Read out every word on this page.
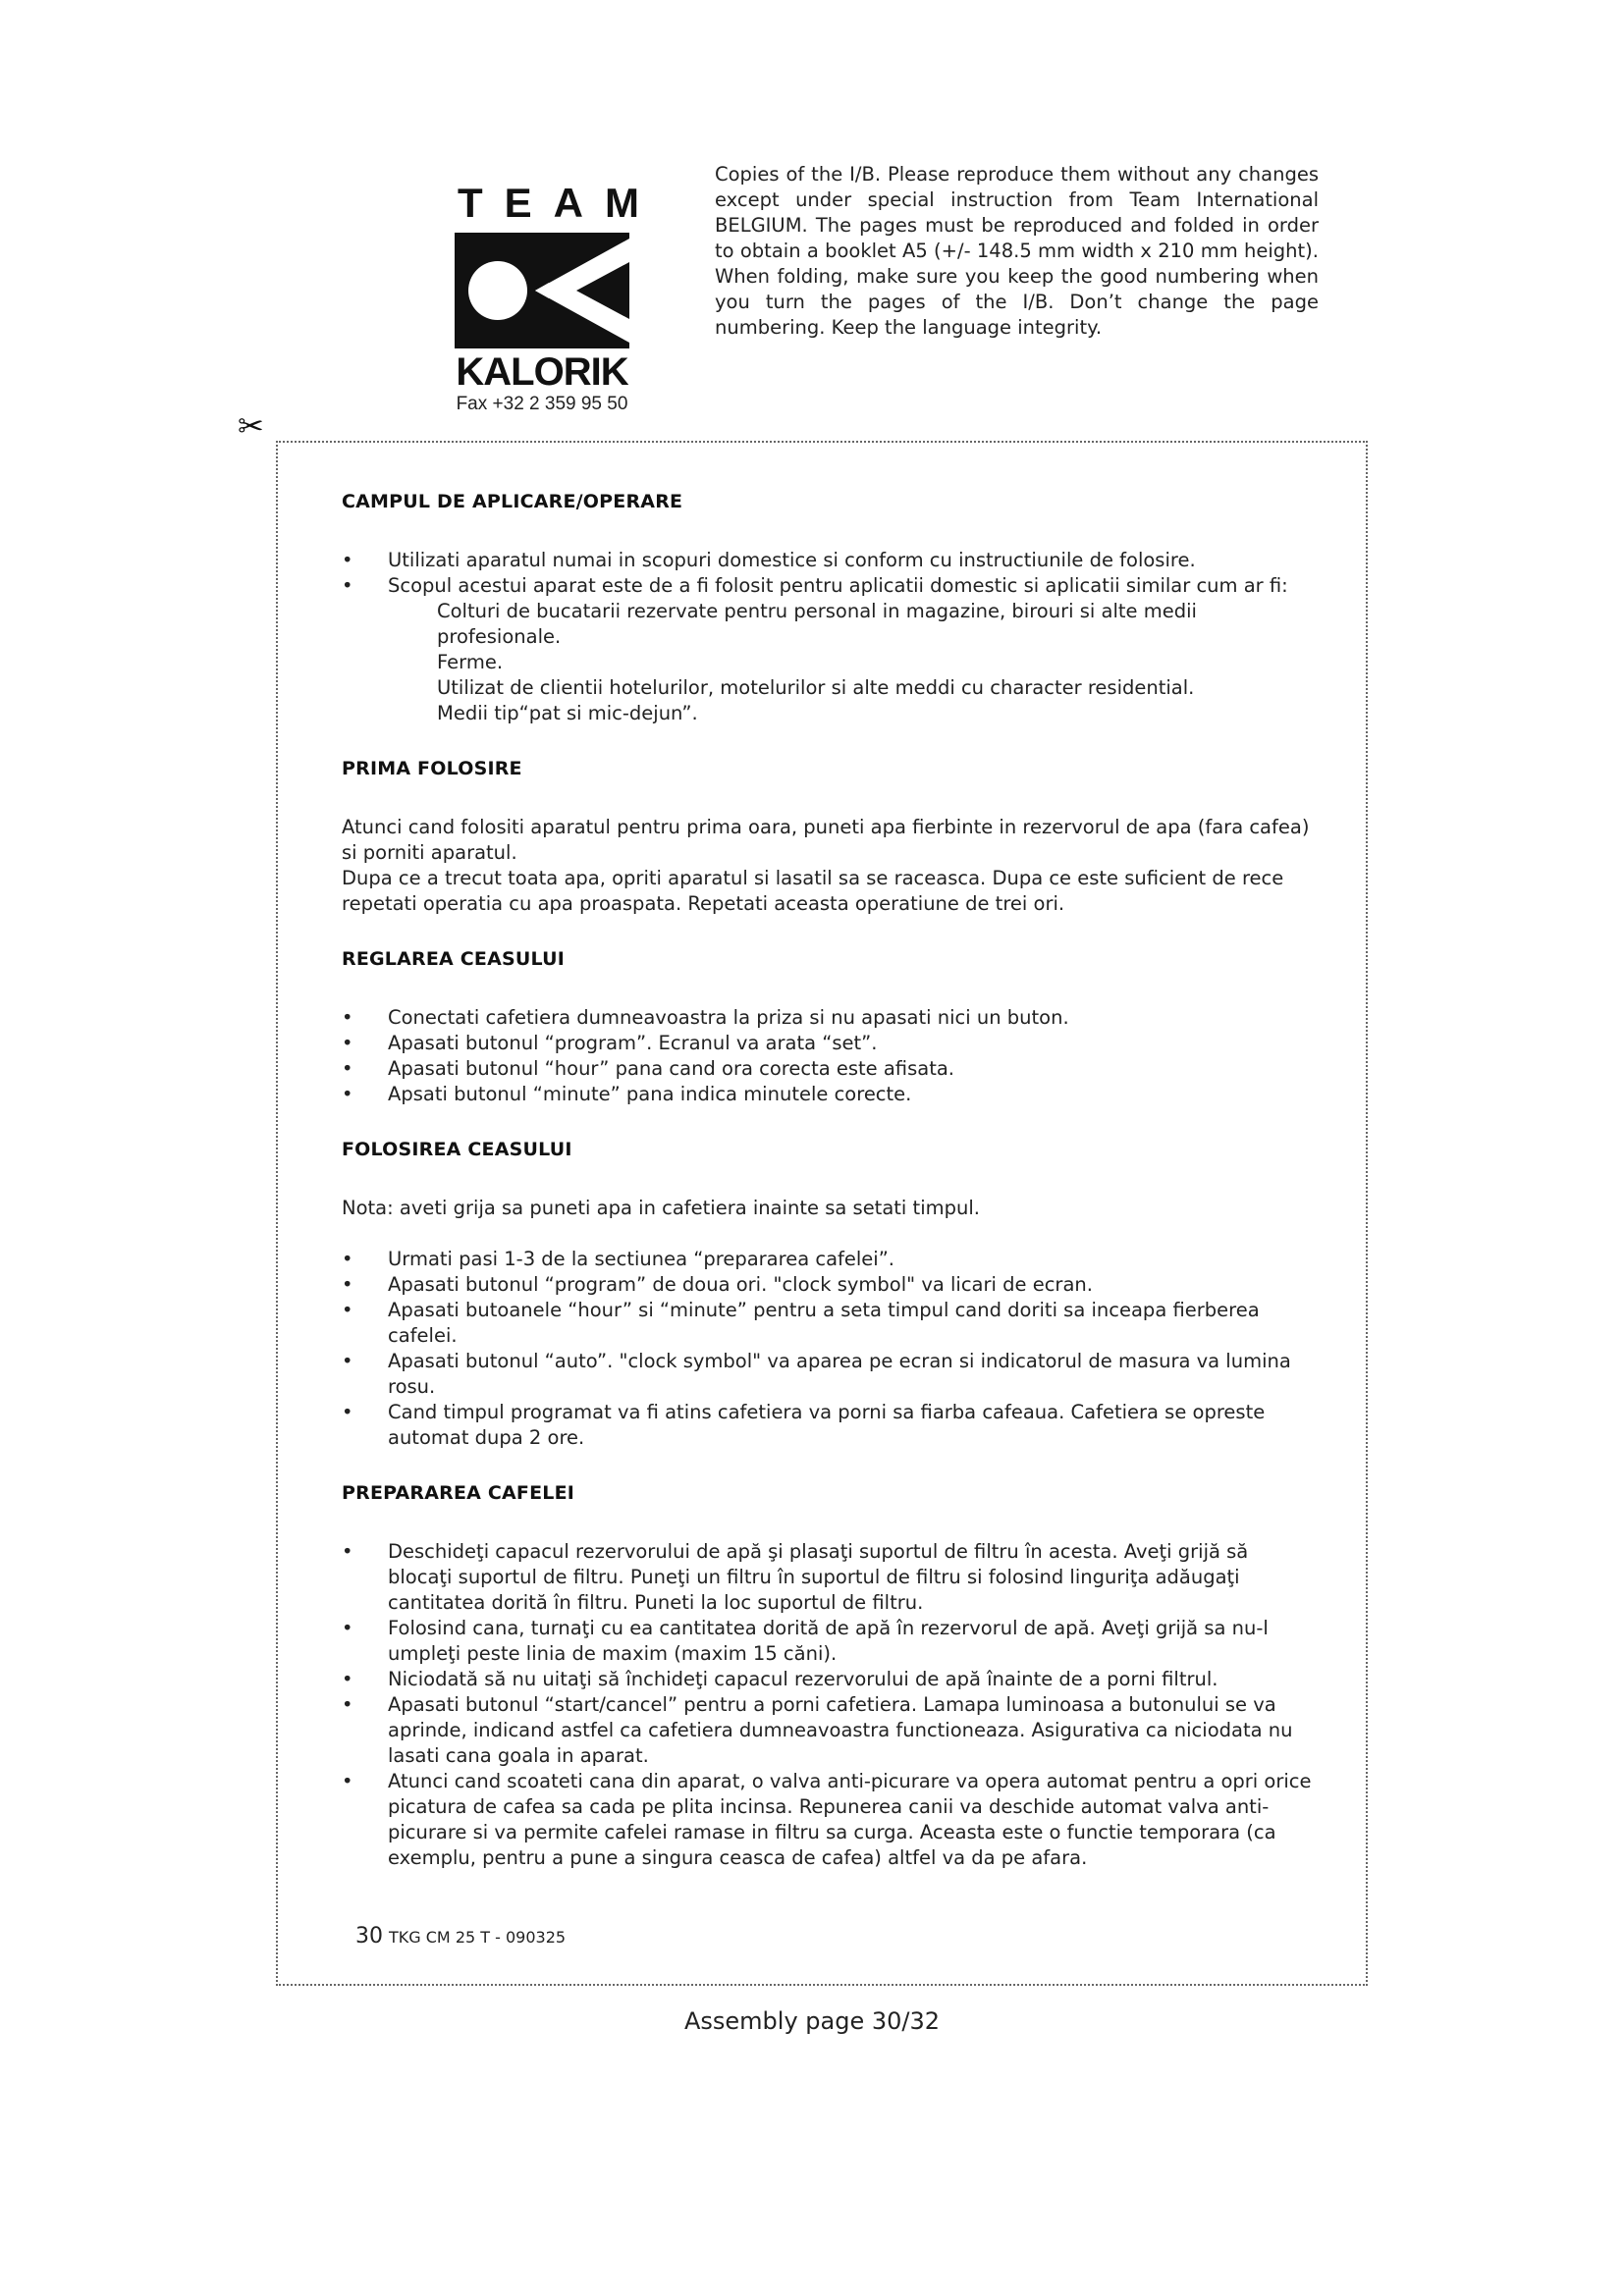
TEAM
KALORIK
Fax +32 2 359 95 50
Copies of the I/B. Please reproduce them without any changes except under special instruction from Team International BELGIUM. The pages must be reproduced and folded in order to obtain a booklet A5 (+/- 148.5 mm width x 210 mm height). When folding, make sure you keep the good numbering when you turn the pages of the I/B. Don’t change the page numbering. Keep the language integrity.
✂
CAMPUL DE APLICARE/OPERARE
• Utilizati aparatul numai in scopuri domestice si conform cu instructiunile de folosire.
• Scopul acestui aparat este de a fi folosit pentru aplicatii domestic si aplicatii similar cum ar fi:

Colturi de bucatarii rezervate pentru personal in magazine, birouri si alte medii profesionale.

Ferme.

Utilizat de clientii hotelurilor, motelurilor si alte meddi cu character residential.

Medii tip“pat si mic-dejun”.

PRIMA FOLOSIRE

Atunci cand folositi aparatul pentru prima oara, puneti apa fierbinte in rezervorul de apa (fara cafea) si porniti aparatul.

Dupa ce a trecut toata apa, opriti aparatul si lasatil sa se raceasca. Dupa ce este suficient de rece repetati operatia cu apa proaspata. Repetati aceasta operatiune de trei ori.

REGLAREA CEASULUI
• Conectati cafetiera dumneavoastra la priza si nu apasati nici un buton.
• Apasati butonul “program”. Ecranul va arata “set”.
• Apasati butonul “hour” pana cand ora corecta este afisata.
• Apsati butonul “minute” pana indica minutele corecte.
FOLOSIREA CEASULUI

Nota: aveti grija sa puneti apa in cafetiera inainte sa setati timpul.

• Urmati pasi 1-3 de la sectiunea “prepararea cafelei”.
• Apasati butonul “program” de doua ori. "clock symbol" va licari de ecran.
• Apasati butoanele “hour” si “minute” pentru a seta timpul cand doriti sa inceapa fierberea cafelei.
• Apasati butonul “auto”. "clock symbol" va aparea pe ecran si indicatorul de masura va lumina rosu.
• Cand timpul programat va fi atins cafetiera va porni sa fiarba cafeaua. Cafetiera se opreste automat dupa 2 ore.
PREPARAREA CAFELEI
• Deschideţi capacul rezervorului de apă şi plasaţi suportul de filtru în acesta. Aveţi grijă să blocaţi suportul de filtru. Puneţi un filtru în suportul de filtru si folosind linguriţa adăugaţi cantitatea dorită în filtru. Puneti la loc suportul de filtru.
• Folosind cana, turnaţi cu ea cantitatea dorită de apă în rezervorul de apă. Aveţi grijă sa nu-l umpleţi peste linia de maxim (maxim 15 căni).
• Niciodată să nu uitaţi să închideţi capacul rezervorului de apă înainte de a porni filtrul.
• Apasati butonul “start/cancel” pentru a porni cafetiera. Lamapa luminoasa a butonului se va aprinde, indicand astfel ca cafetiera dumneavoastra functioneaza. Asigurativa ca niciodata nu lasati cana goala in aparat.
• Atunci cand scoateti cana din aparat, o valva anti-picurare va opera automat pentru a opri orice picatura de cafea sa cada pe plita incinsa. Repunerea canii va deschide automat valva anti-picurare si va permite cafelei ramase in filtru sa curga. Aceasta este o functie temporara (ca exemplu, pentru a pune a singura ceasca de cafea) altfel va da pe afara.
30 TKG CM 25 T - 090325
Assembly page 30/32
